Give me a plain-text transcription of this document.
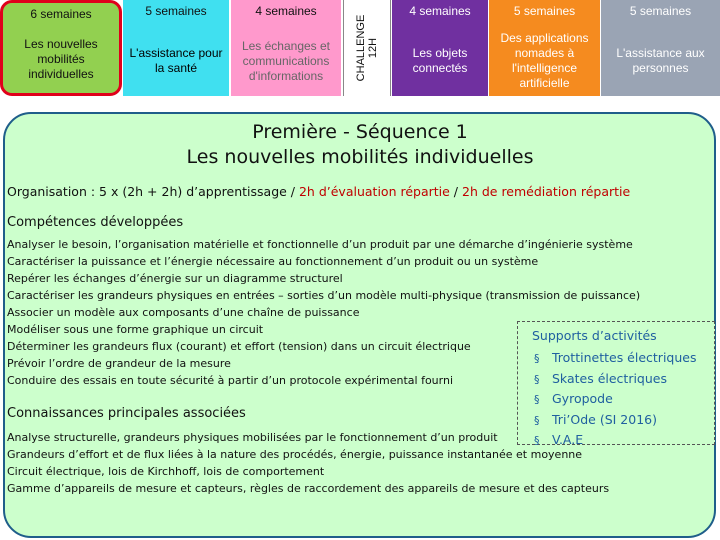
6 semaines
Les nouvelles mobilités individuelles
5 semaines
L'assistance pour la santé
4 semaines
Les échanges et communications d'informations	CHALLENGE 12H
4 semaines
Les objets connectés
5 semaines
Des applications nomades à l'intelligence artificielle
5 semaines
L'assistance aux personnes
Première - Séquence 1
Les nouvelles mobilités individuelles
Organisation : 5 x (2h + 2h) d’apprentissage / 2h d’évaluation répartie / 2h de remédiation répartie
Compétences développées
Analyser le besoin, l’organisation matérielle et fonctionnelle d’un produit par une démarche d’ingénierie système
Caractériser la puissance et l’énergie nécessaire au fonctionnement d’un produit ou un système
Repérer les échanges d’énergie sur un diagramme structurel
Caractériser les grandeurs physiques en entrées – sorties d’un modèle multi-physique (transmission de puissance)
Associer un modèle aux composants d’une chaîne de puissance
Modéliser sous une forme graphique un circuit
Déterminer les grandeurs flux (courant) et effort (tension) dans un circuit électrique
Prévoir l’ordre de grandeur de la mesure
Conduire des essais en toute sécurité à partir d’un protocole expérimental fourni
Connaissances principales associées
Analyse structurelle, grandeurs physiques mobilisées par le fonctionnement d’un produit
Grandeurs d’effort et de flux liées à la nature des procédés, énergie, puissance instantanée et moyenne
Circuit électrique, lois de Kirchhoff, lois de comportement
Gamme d’appareils de mesure et capteurs, règles de raccordement des appareils de mesure et des capteurs
Supports d’activités
§ Trottinettes électriques
§ Skates électriques
§ Gyropode
§ Tri’Ode (SI 2016)
§ V.A.E
